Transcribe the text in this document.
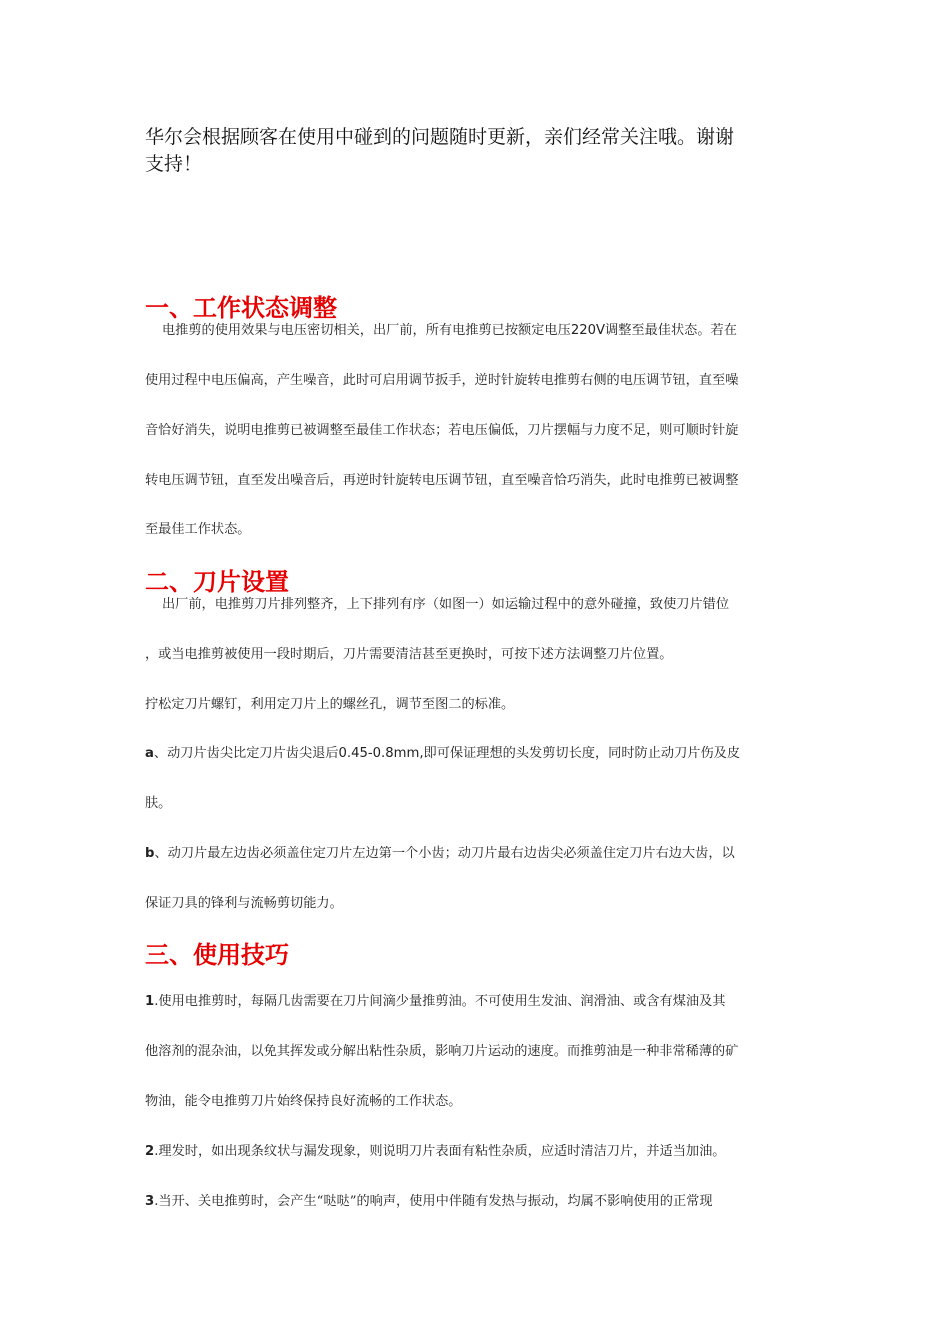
华尔会根据顾客在使用中碰到的问题随时更新，亲们经常关注哦。谢谢
支持！
一、工作状态调整
电推剪的使用效果与电压密切相关，出厂前，所有电推剪已按额定电压220V调整至最佳状态。若在
使用过程中电压偏高，产生噪音，此时可启用调节扳手，逆时针旋转电推剪右侧的电压调节钮，直至噪
音恰好消失，说明电推剪已被调整至最佳工作状态；若电压偏低，刀片摆幅与力度不足，则可顺时针旋
转电压调节钮，直至发出噪音后，再逆时针旋转电压调节钮，直至噪音恰巧消失，此时电推剪已被调整
至最佳工作状态。
二、刀片设置
出厂前，电推剪刀片排列整齐，上下排列有序（如图一）如运输过程中的意外碰撞，致使刀片错位
，或当电推剪被使用一段时期后，刀片需要清洁甚至更换时，可按下述方法调整刀片位置。
拧松定刀片螺钉，利用定刀片上的螺丝孔，调节至图二的标准。
a、动刀片齿尖比定刀片齿尖退后0.45-0.8mm,即可保证理想的头发剪切长度，同时防止动刀片伤及皮
肤。
b、动刀片最左边齿必须盖住定刀片左边第一个小齿；动刀片最右边齿尖必须盖住定刀片右边大齿，以
保证刀具的锋利与流畅剪切能力。
三、使用技巧
1.使用电推剪时，每隔几齿需要在刀片间滴少量推剪油。不可使用生发油、润滑油、或含有煤油及其
他溶剂的混杂油，以免其挥发或分解出粘性杂质，影响刀片运动的速度。而推剪油是一种非常稀薄的矿
物油，能令电推剪刀片始终保持良好流畅的工作状态。
2.理发时，如出现条纹状与漏发现象，则说明刀片表面有粘性杂质，应适时清洁刀片，并适当加油。
3.当开、关电推剪时，会产生“哒哒”的响声，使用中伴随有发热与振动，均属不影响使用的正常现
